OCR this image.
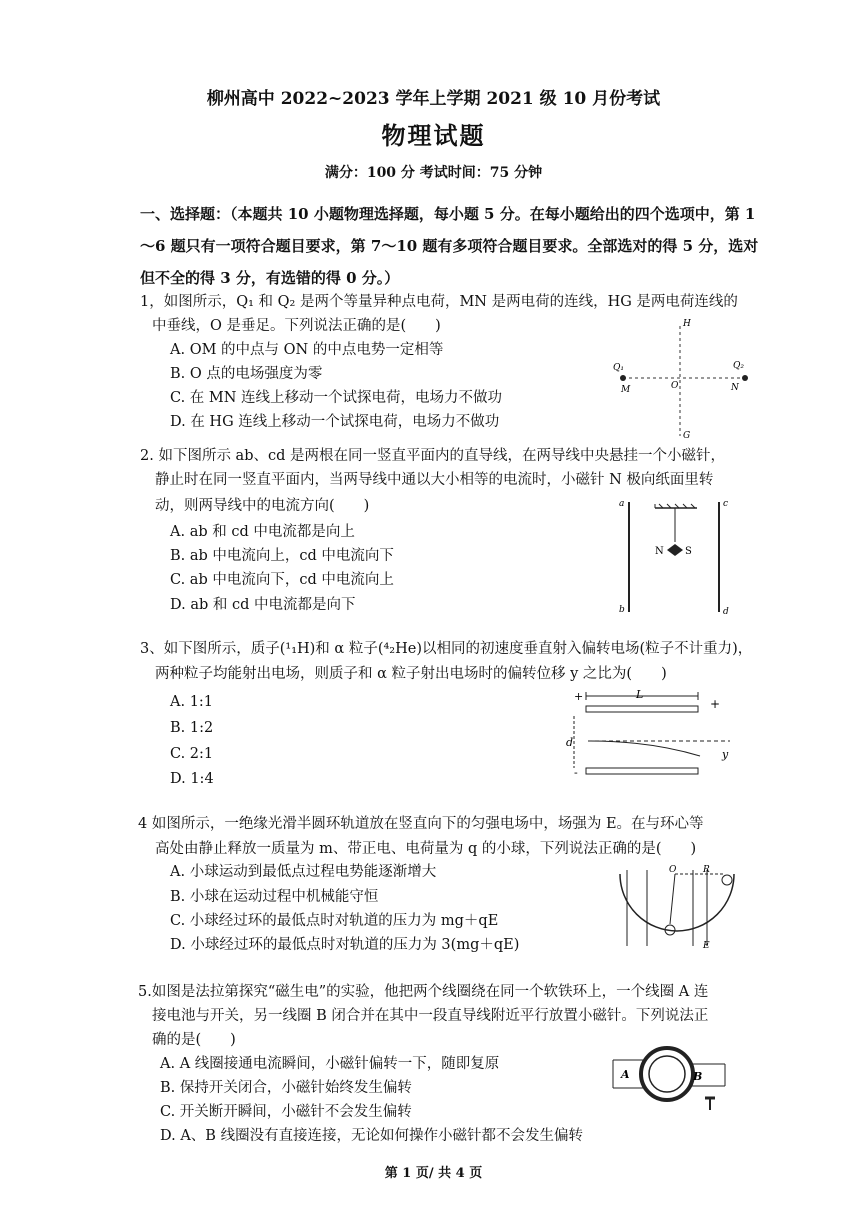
柳州高中 2022~2023 学年上学期 2021 级 10 月份考试
物理试题
满分：100 分 考试时间：75 分钟
一、选择题：（本题共 10 小题物理选择题，每小题 5 分。在每小题给出的四个选项中，第 1～6 题只有一项符合题目要求，第 7～10 题有多项符合题目要求。全部选对的得 5 分，选对但不全的得 3 分，有选错的得 0 分。）
1，如图所示，Q₁ 和 Q₂ 是两个等量异种点电荷，MN 是两电荷的连线，HG 是两电荷连线的
中垂线，O 是垂足。下列说法正确的是(　　)
A. OM 的中点与 ON 的中点电势一定相等
B. O 点的电场强度为零
C. 在 MN 连线上移动一个试探电荷，电场力不做功
D. 在 HG 连线上移动一个试探电荷，电场力不做功
H
G
Q₁	Q₂
M	O	N
2. 如下图所示 ab、cd 是两根在同一竖直平面内的直导线，在两导线中央悬挂一个小磁针，
静止时在同一竖直平面内，当两导线中通以大小相等的电流时，小磁针 N 极向纸面里转
动，则两导线中的电流方向(　　)
A. ab 和 cd 中电流都是向上
B. ab 中电流向上，cd 中电流向下
C. ab 中电流向下，cd 中电流向上
D. ab 和 cd 中电流都是向下
a
b
c
d
N S
3、如下图所示，质子(¹₁H)和 α 粒子(⁴₂He)以相同的初速度垂直射入偏转电场(粒子不计重力)，
两种粒子均能射出电场，则质子和 α 粒子射出电场时的偏转位移 y 之比为(　　)
A. 1:1
B. 1:2
C. 2:1
D. 1:4
+	L
+
d
y
-
4 如图所示，一绝缘光滑半圆环轨道放在竖直向下的匀强电场中，场强为 E。在与环心等
高处由静止释放一质量为 m、带正电、电荷量为 q 的小球，下列说法正确的是(　　)
A. 小球运动到最低点过程电势能逐渐增大
B. 小球在运动过程中机械能守恒
C. 小球经过环的最低点时对轨道的压力为 mg＋qE
D. 小球经过环的最低点时对轨道的压力为 3(mg＋qE)
O	R
E
5.如图是法拉第探究“磁生电”的实验，他把两个线圈绕在同一个软铁环上，一个线圈 A 连
接电池与开关，另一线圈 B 闭合并在其中一段直导线附近平行放置小磁针。下列说法正
确的是(　　)
A. A 线圈接通电流瞬间，小磁针偏转一下，随即复原
B. 保持开关闭合，小磁针始终发生偏转
C. 开关断开瞬间，小磁针不会发生偏转
D. A、B 线圈没有直接连接，无论如何操作小磁针都不会发生偏转
A	B
第 1 页/ 共 4 页
